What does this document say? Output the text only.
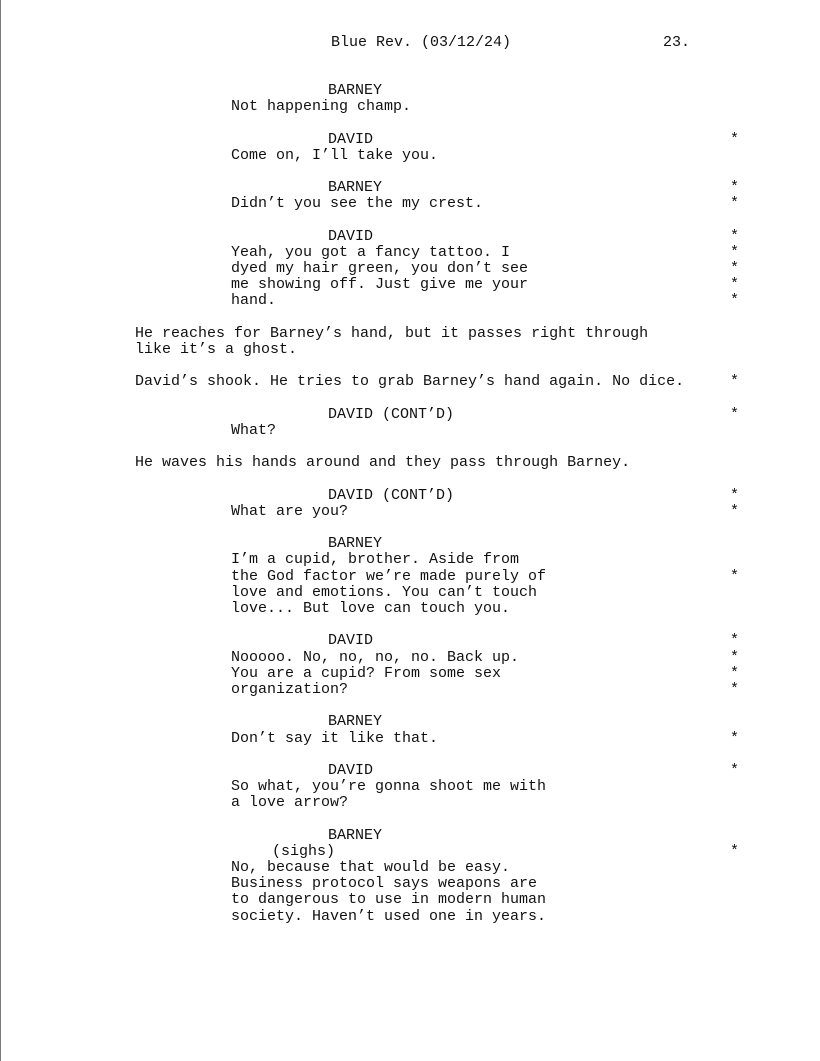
Blue Rev. (03/12/24)	23.
BARNEY
Not happening champ.
DAVID	*
Come on, I’ll take you.
BARNEY	*
Didn’t you see the my crest.	*
DAVID	*
Yeah, you got a fancy tattoo. I	*
dyed my hair green, you don’t see	*
me showing off. Just give me your	*
hand.	*
He reaches for Barney’s hand, but it passes right through
like it’s a ghost.
David’s shook. He tries to grab Barney’s hand again. No dice.	*
DAVID (CONT’D)	*
What?
He waves his hands around and they pass through Barney.
DAVID (CONT’D)	*
What are you?	*
BARNEY
I’m a cupid, brother. Aside from
the God factor we’re made purely of	*
love and emotions. You can’t touch
love... But love can touch you.
DAVID	*
Nooooo. No, no, no, no. Back up.	*
You are a cupid? From some sex	*
organization?	*
BARNEY
Don’t say it like that.	*
DAVID	*
So what, you’re gonna shoot me with
a love arrow?
BARNEY
(sighs)	*
No, because that would be easy.
Business protocol says weapons are
to dangerous to use in modern human
society. Haven’t used one in years.
